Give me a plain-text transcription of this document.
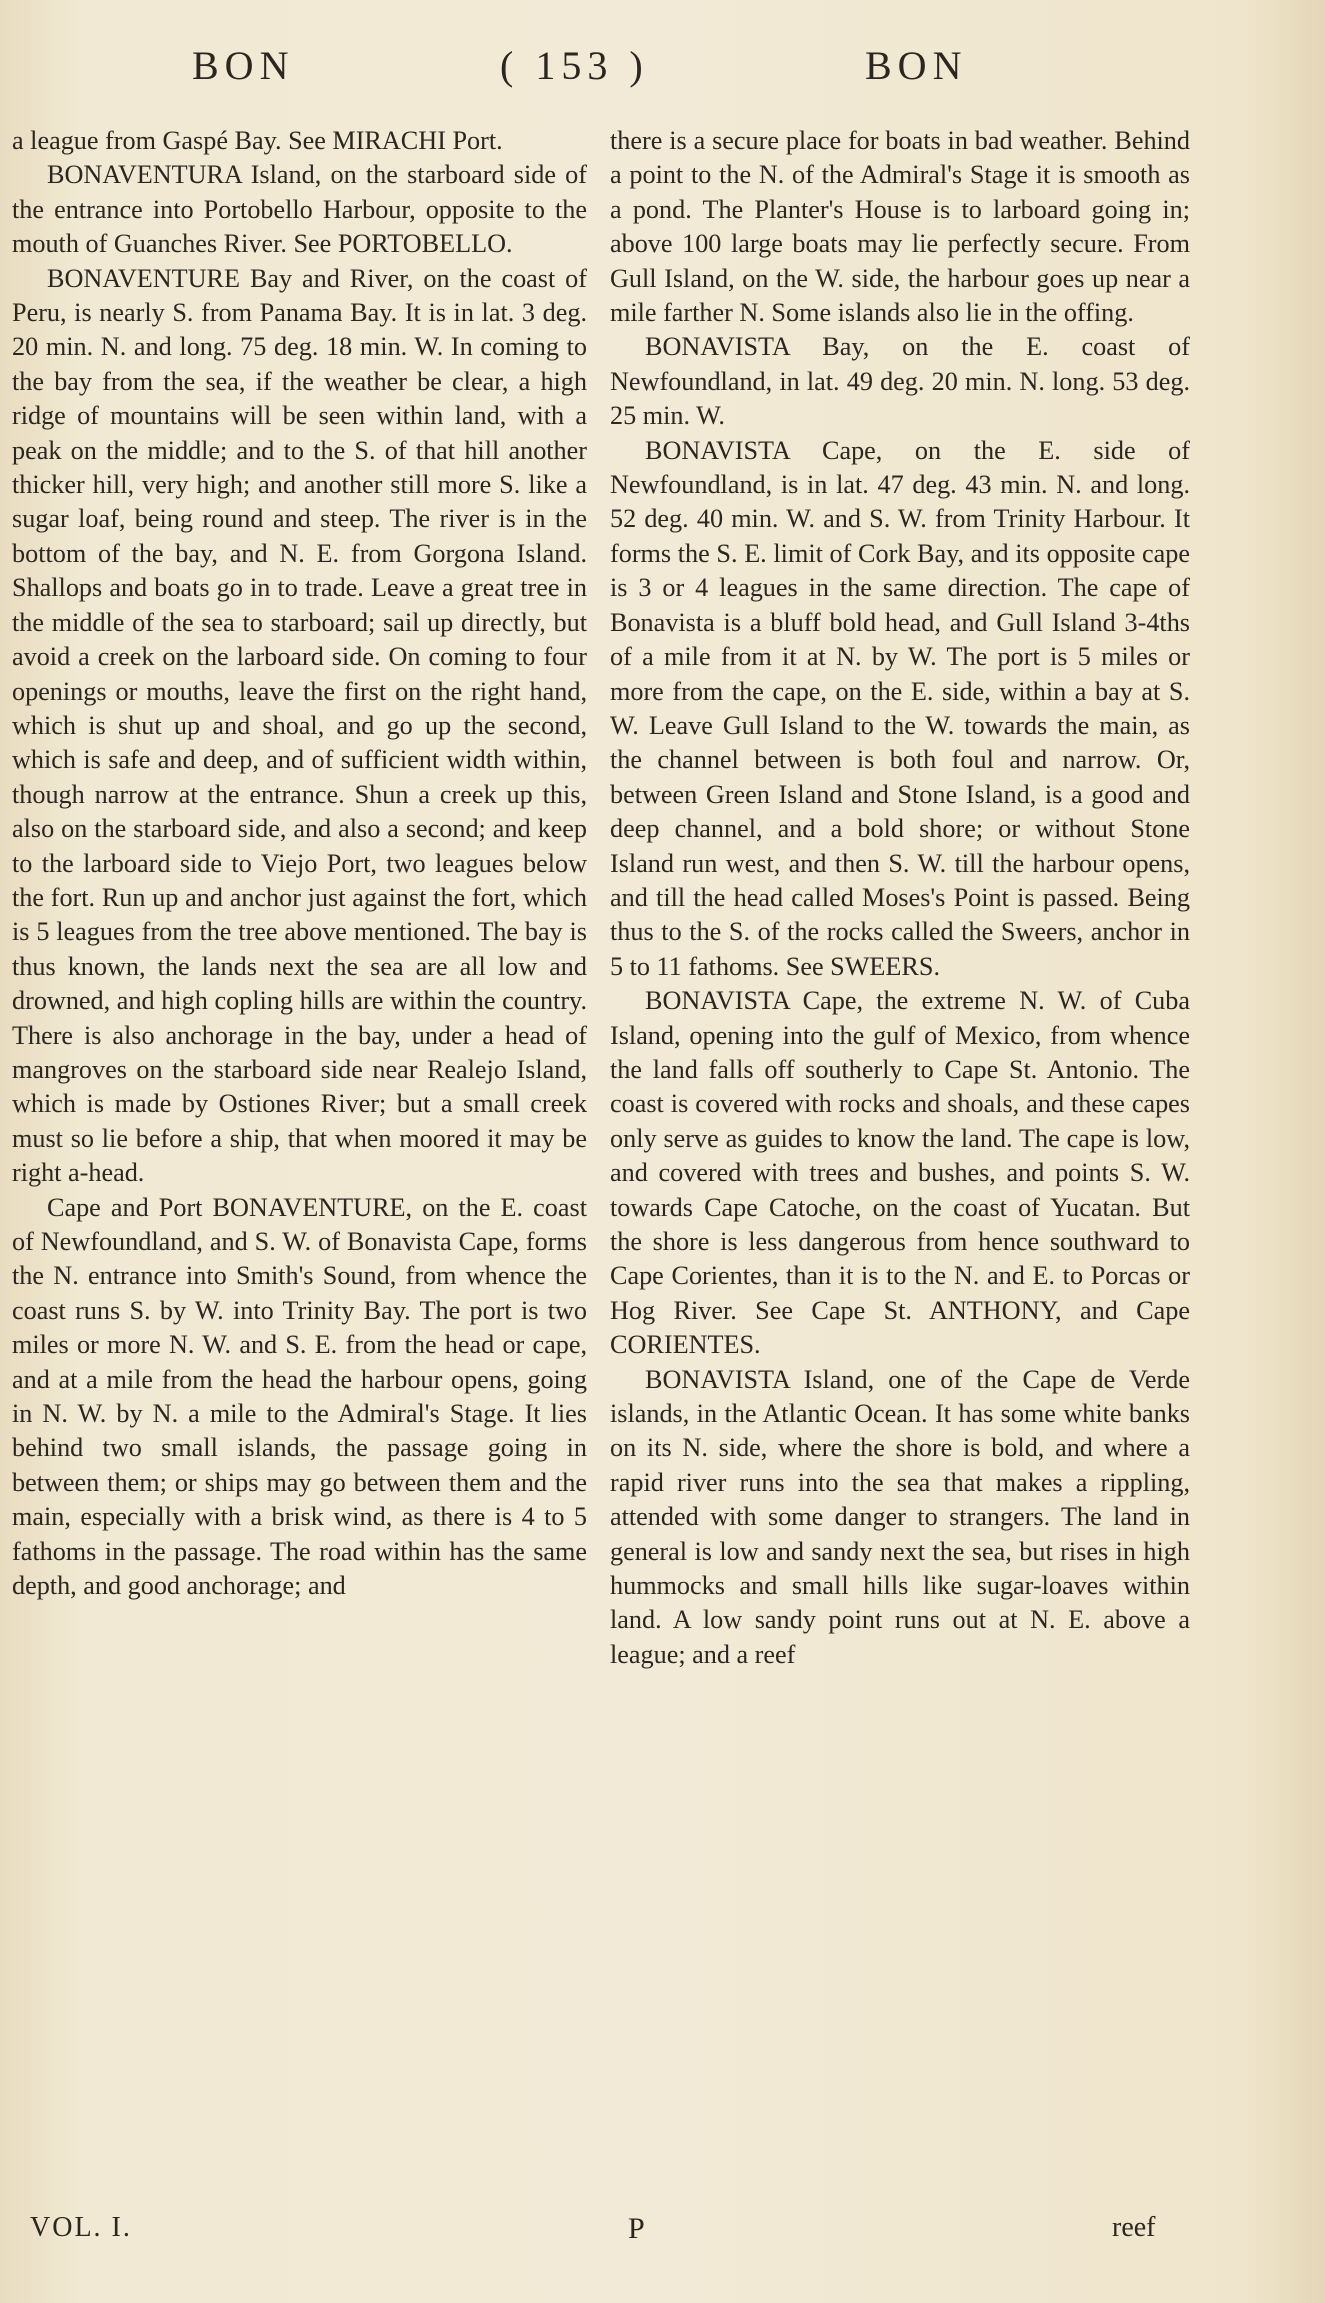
BON	( 153 )	BON

a league from Gaspé Bay. See MIRACHI Port.

BONAVENTURA Island, on the starboard side of the entrance into Portobello Harbour, opposite to the mouth of Guanches River. See PORTOBELLO.

BONAVENTURE Bay and River, on the coast of Peru, is nearly S. from Panama Bay. It is in lat. 3 deg. 20 min. N. and long. 75 deg. 18 min. W. In coming to the bay from the sea, if the weather be clear, a high ridge of mountains will be seen within land, with a peak on the middle; and to the S. of that hill another thicker hill, very high; and another still more S. like a sugar loaf, being round and steep. The river is in the bottom of the bay, and N. E. from Gorgona Island. Shallops and boats go in to trade. Leave a great tree in the middle of the sea to starboard; sail up directly, but avoid a creek on the larboard side. On coming to four openings or mouths, leave the first on the right hand, which is shut up and shoal, and go up the second, which is safe and deep, and of sufficient width within, though narrow at the entrance. Shun a creek up this, also on the starboard side, and also a second; and keep to the larboard side to Viejo Port, two leagues below the fort. Run up and anchor just against the fort, which is 5 leagues from the tree above mentioned. The bay is thus known, the lands next the sea are all low and drowned, and high copling hills are within the country. There is also anchorage in the bay, under a head of mangroves on the starboard side near Realejo Island, which is made by Ostiones River; but a small creek must so lie before a ship, that when moored it may be right a-head.

Cape and Port BONAVENTURE, on the E. coast of Newfoundland, and S. W. of Bonavista Cape, forms the N. entrance into Smith's Sound, from whence the coast runs S. by W. into Trinity Bay. The port is two miles or more N. W. and S. E. from the head or cape, and at a mile from the head the harbour opens, going in N. W. by N. a mile to the Admiral's Stage. It lies behind two small islands, the passage going in between them; or ships may go between them and the main, especially with a brisk wind, as there is 4 to 5 fathoms in the passage. The road within has the same depth, and good anchorage; and

there is a secure place for boats in bad weather. Behind a point to the N. of the Admiral's Stage it is smooth as a pond. The Planter's House is to larboard going in; above 100 large boats may lie perfectly secure. From Gull Island, on the W. side, the harbour goes up near a mile farther N. Some islands also lie in the offing.

BONAVISTA Bay, on the E. coast of Newfoundland, in lat. 49 deg. 20 min. N. long. 53 deg. 25 min. W.

BONAVISTA Cape, on the E. side of Newfoundland, is in lat. 47 deg. 43 min. N. and long. 52 deg. 40 min. W. and S. W. from Trinity Harbour. It forms the S. E. limit of Cork Bay, and its opposite cape is 3 or 4 leagues in the same direction. The cape of Bonavista is a bluff bold head, and Gull Island 3-4ths of a mile from it at N. by W. The port is 5 miles or more from the cape, on the E. side, within a bay at S. W. Leave Gull Island to the W. towards the main, as the channel between is both foul and narrow. Or, between Green Island and Stone Island, is a good and deep channel, and a bold shore; or without Stone Island run west, and then S. W. till the harbour opens, and till the head called Moses's Point is passed. Being thus to the S. of the rocks called the Sweers, anchor in 5 to 11 fathoms. See SWEERS.

BONAVISTA Cape, the extreme N. W. of Cuba Island, opening into the gulf of Mexico, from whence the land falls off southerly to Cape St. Antonio. The coast is covered with rocks and shoals, and these capes only serve as guides to know the land. The cape is low, and covered with trees and bushes, and points S. W. towards Cape Catoche, on the coast of Yucatan. But the shore is less dangerous from hence southward to Cape Corientes, than it is to the N. and E. to Porcas or Hog River. See Cape St. ANTHONY, and Cape CORIENTES.

BONAVISTA Island, one of the Cape de Verde islands, in the Atlantic Ocean. It has some white banks on its N. side, where the shore is bold, and where a rapid river runs into the sea that makes a rippling, attended with some danger to strangers. The land in general is low and sandy next the sea, but rises in high hummocks and small hills like sugar-loaves within land. A low sandy point runs out at N. E. above a league; and a reef

VOL. I.	P	reef
